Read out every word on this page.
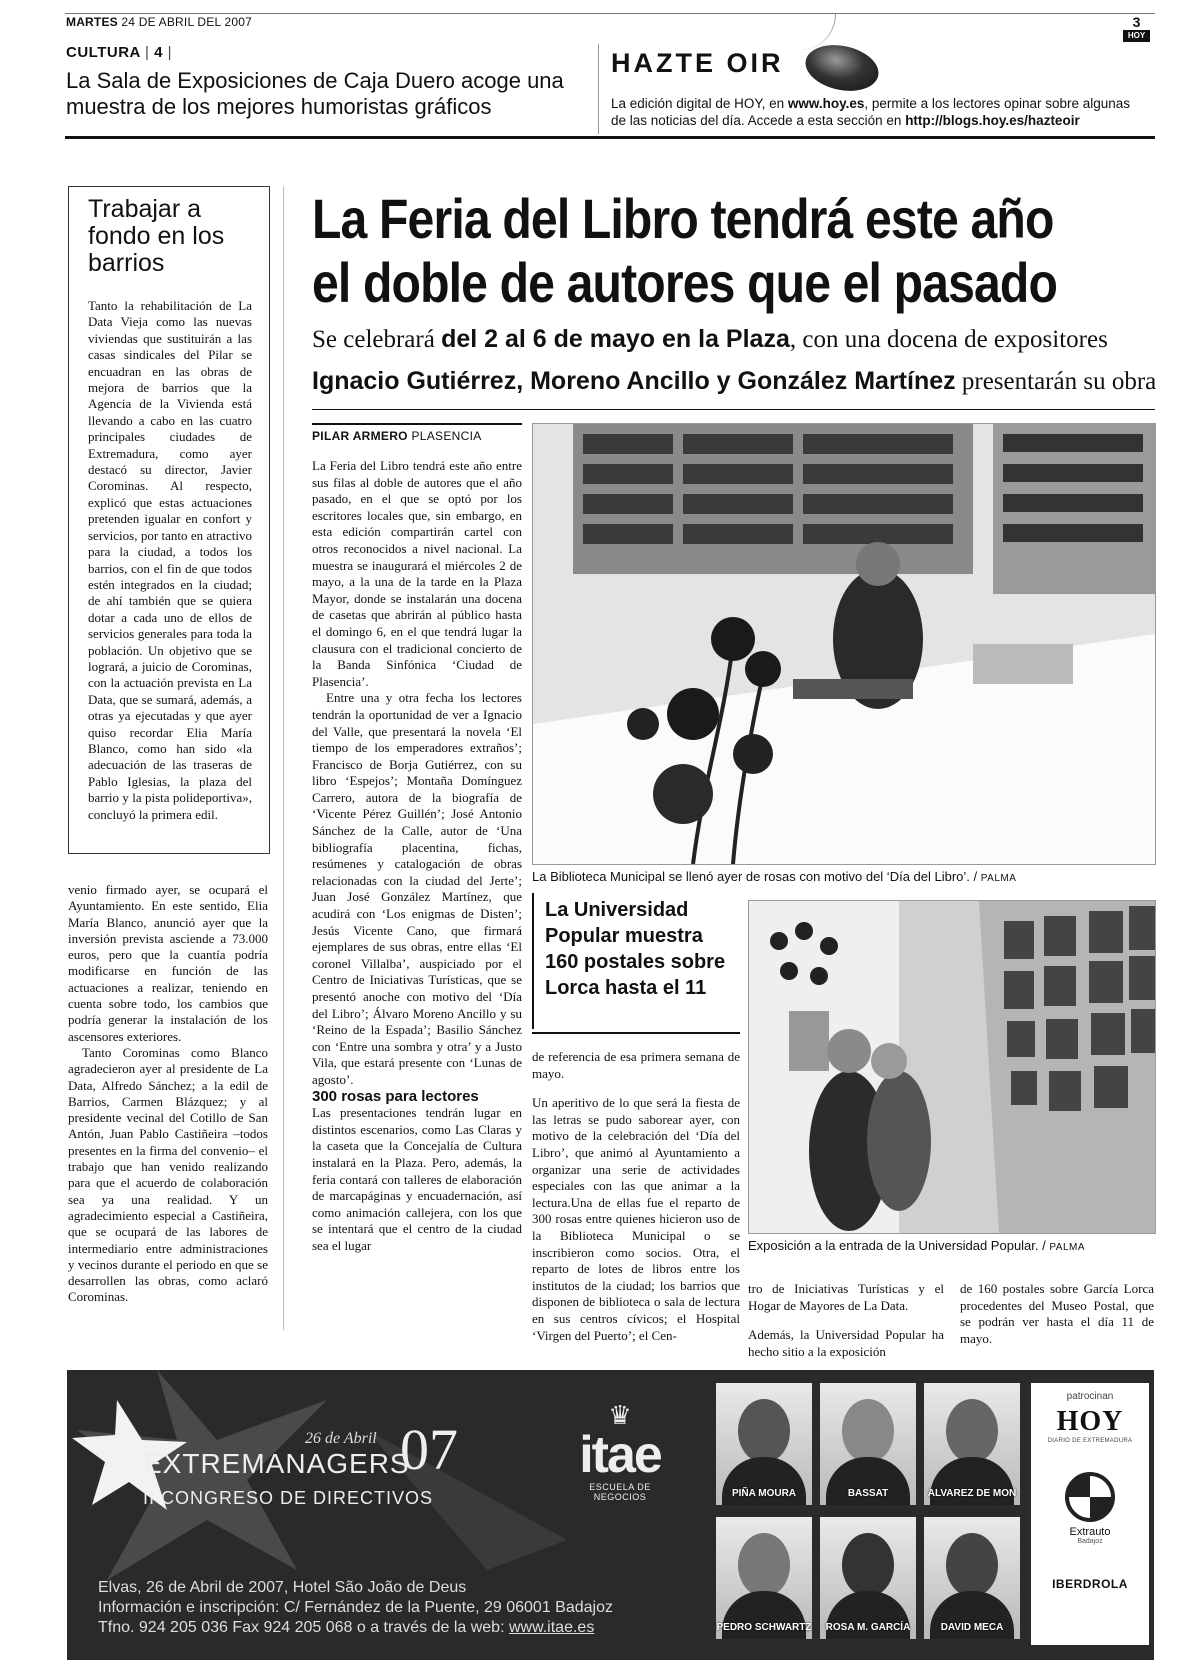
MARTES 24 DE ABRIL DEL 2007	3
HOY
CULTURA | 4 |
La Sala de Exposiciones de Caja Duero acoge una muestra de los mejores humoristas gráficos
HAZTE OIR
La edición digital de HOY, en www.hoy.es, permite a los lectores opinar sobre algunas de las noticias del día. Accede a esta sección en http://blogs.hoy.es/hazteoir
Trabajar a fondo en los barrios
Tanto la rehabilitación de La Data Vieja como las nuevas viviendas que sustituirán a las casas sindicales del Pilar se encuadran en las obras de mejora de barrios que la Agencia de la Vivienda está llevando a cabo en las cuatro principales ciudades de Extremadura, como ayer destacó su director, Javier Corominas. Al respecto, explicó que estas actuaciones pretenden igualar en confort y servicios, por tanto en atractivo para la ciudad, a todos los barrios, con el fin de que todos estén integrados en la ciudad; de ahí también que se quiera dotar a cada uno de ellos de servicios generales para toda la población. Un objetivo que se logrará, a juicio de Corominas, con la actuación prevista en La Data, que se sumará, además, a otras ya ejecutadas y que ayer quiso recordar Elia María Blanco, como han sido «la adecuación de las traseras de Pablo Iglesias, la plaza del barrio y la pista polideportiva», concluyó la primera edil.

venio firmado ayer, se ocupará el Ayuntamiento. En este sentido, Elia María Blanco, anunció ayer que la inversión prevista asciende a 73.000 euros, pero que la cuantía podría modificarse en función de las actuaciones a realizar, teniendo en cuenta sobre todo, los cambios que podría generar la instalación de los ascensores exteriores.

Tanto Corominas como Blanco agradecieron ayer al presidente de La Data, Alfredo Sánchez; a la edil de Barrios, Carmen Blázquez; y al presidente vecinal del Cotillo de San Antón, Juan Pablo Castiñeira –todos presentes en la firma del convenio– el trabajo que han venido realizando para que el acuerdo de colaboración sea ya una realidad. Y un agradecimiento especial a Castiñeira, que se ocupará de las labores de intermediario entre administraciones y vecinos durante el periodo en que se desarrollen las obras, como aclaró Corominas.

La Feria del Libro tendrá este año
el doble de autores que el pasado
Se celebrará del 2 al 6 de mayo en la Plaza, con una docena de expositores
Ignacio Gutiérrez, Moreno Ancillo y González Martínez presentarán su obra
PILAR ARMERO PLASENCIA

La Feria del Libro tendrá este año entre sus filas al doble de autores que el año pasado, en el que se optó por los escritores locales que, sin embargo, en esta edición compartirán cartel con otros reconocidos a nivel nacional. La muestra se inaugurará el miércoles 2 de mayo, a la una de la tarde en la Plaza Mayor, donde se instalarán una docena de casetas que abrirán al público hasta el domingo 6, en el que tendrá lugar la clausura con el tradicional concierto de la Banda Sinfónica ‘Ciudad de Plasencia’.

Entre una y otra fecha los lectores tendrán la oportunidad de ver a Ignacio del Valle, que presentará la novela ‘El tiempo de los emperadores extraños’; Francisco de Borja Gutiérrez, con su libro ‘Espejos’; Montaña Domínguez Carrero, autora de la biografía de ‘Vicente Pérez Guillén’; José Antonio Sánchez de la Calle, autor de ‘Una bibliografía placentina, fichas, resúmenes y catalogación de obras relacionadas con la ciudad del Jerte’; Juan José González Martínez, que acudirá con ‘Los enigmas de Disten’; Jesús Vicente Cano, que firmará ejemplares de sus obras, entre ellas ‘El coronel Villalba’, auspiciado por el Centro de Iniciativas Turísticas, que se presentó anoche con motivo del ‘Día del Libro’; Álvaro Moreno Ancillo y su ‘Reino de la Espada’; Basilio Sánchez con ‘Entre una sombra y otra’ y a Justo Vila, que estará presente con ‘Lunas de agosto’.

300 rosas para lectores

Las presentaciones tendrán lugar en distintos escenarios, como Las Claras y la caseta que la Concejalía de Cultura instalará en la Plaza. Pero, además, la feria contará con talleres de elaboración de marcapáginas y encuadernación, así como animación callejera, con los que se intentará que el centro de la ciudad sea el lugar

La Biblioteca Municipal se llenó ayer de rosas con motivo del ‘Día del Libro’. / PALMA
La Universidad Popular muestra 160 postales sobre Lorca hasta el 11

de referencia de esa primera semana de mayo.

Un aperitivo de lo que será la fiesta de las letras se pudo saborear ayer, con motivo de la celebración del ‘Día del Libro’, que animó al Ayuntamiento a organizar una serie de actividades especiales con las que animar a la lectura.Una de ellas fue el reparto de 300 rosas entre quienes hicieron uso de la Biblioteca Municipal o se inscribieron como socios. Otra, el reparto de lotes de libros entre los institutos de la ciudad; los barrios que disponen de biblioteca o sala de lectura en sus centros cívicos; el Hospital ‘Virgen del Puerto’; el Cen-

Exposición a la entrada de la Universidad Popular. / PALMA

tro de Iniciativas Turísticas y el Hogar de Mayores de La Data.

Además, la Universidad Popular ha hecho sitio a la exposición

de 160 postales sobre García Lorca procedentes del Museo Postal, que se podrán ver hasta el día 11 de mayo.

26 de Abril
EXTREMANAGERS
07
II CONGRESO DE DIRECTIVOS
♛
itae
ESCUELA DE NEGOCIOS
Elvas, 26 de Abril de 2007, Hotel São João de Deus
Información e inscripción: C/ Fernández de la Puente, 29 06001 Badajoz
Tfno. 924 205 036 Fax 924 205 068 o a través de la web: www.itae.es
PIÑA MOURA	BASSAT	ALVAREZ DE MON
PEDRO SCHWARTZ	ROSA M. GARCÍA	DAVID MECA
patrocinan
HOY
DIARIO DE EXTREMADURA
Extrauto
Badajoz
IBERDROLA
